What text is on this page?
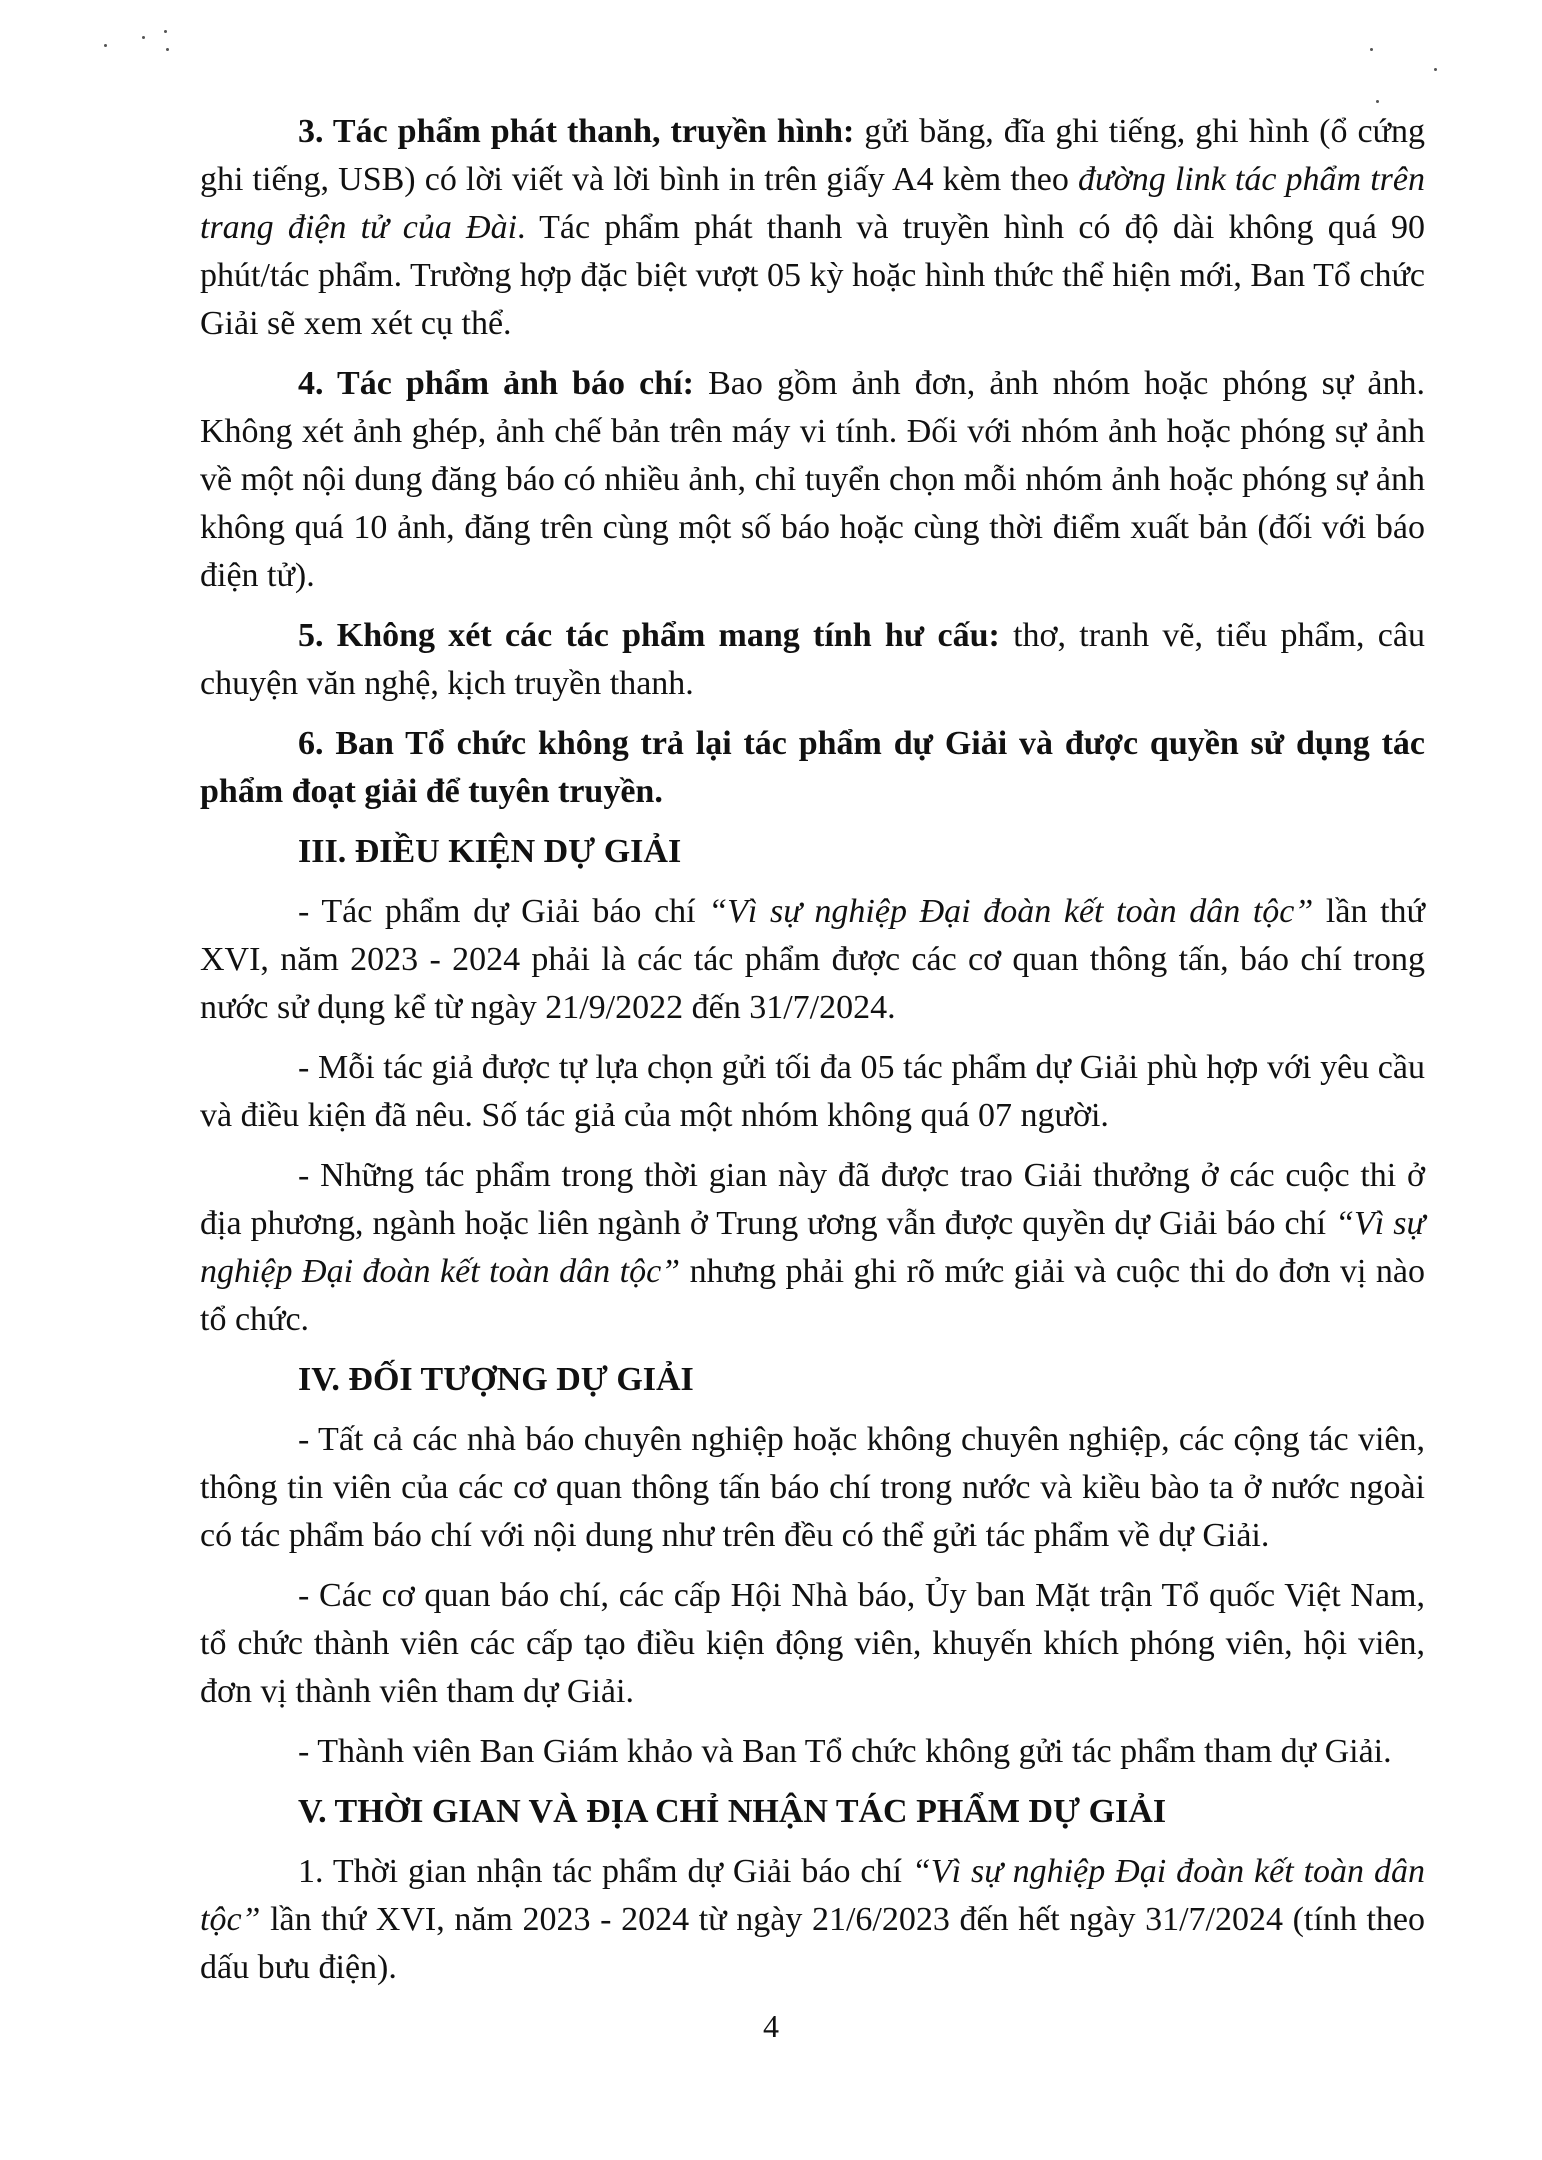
3. Tác phẩm phát thanh, truyền hình: gửi băng, đĩa ghi tiếng, ghi hình (ổ cứng ghi tiếng, USB) có lời viết và lời bình in trên giấy A4 kèm theo đường link tác phẩm trên trang điện tử của Đài. Tác phẩm phát thanh và truyền hình có độ dài không quá 90 phút/tác phẩm. Trường hợp đặc biệt vượt 05 kỳ hoặc hình thức thể hiện mới, Ban Tổ chức Giải sẽ xem xét cụ thể.

4. Tác phẩm ảnh báo chí: Bao gồm ảnh đơn, ảnh nhóm hoặc phóng sự ảnh. Không xét ảnh ghép, ảnh chế bản trên máy vi tính. Đối với nhóm ảnh hoặc phóng sự ảnh về một nội dung đăng báo có nhiều ảnh, chỉ tuyển chọn mỗi nhóm ảnh hoặc phóng sự ảnh không quá 10 ảnh, đăng trên cùng một số báo hoặc cùng thời điểm xuất bản (đối với báo điện tử).

5. Không xét các tác phẩm mang tính hư cấu: thơ, tranh vẽ, tiểu phẩm, câu chuyện văn nghệ, kịch truyền thanh.

6. Ban Tổ chức không trả lại tác phẩm dự Giải và được quyền sử dụng tác phẩm đoạt giải để tuyên truyền.

III. ĐIỀU KIỆN DỰ GIẢI

- Tác phẩm dự Giải báo chí “Vì sự nghiệp Đại đoàn kết toàn dân tộc” lần thứ XVI, năm 2023 - 2024 phải là các tác phẩm được các cơ quan thông tấn, báo chí trong nước sử dụng kể từ ngày 21/9/2022 đến 31/7/2024.

- Mỗi tác giả được tự lựa chọn gửi tối đa 05 tác phẩm dự Giải phù hợp với yêu cầu và điều kiện đã nêu. Số tác giả của một nhóm không quá 07 người.

- Những tác phẩm trong thời gian này đã được trao Giải thưởng ở các cuộc thi ở địa phương, ngành hoặc liên ngành ở Trung ương vẫn được quyền dự Giải báo chí “Vì sự nghiệp Đại đoàn kết toàn dân tộc” nhưng phải ghi rõ mức giải và cuộc thi do đơn vị nào tổ chức.

IV. ĐỐI TƯỢNG DỰ GIẢI

- Tất cả các nhà báo chuyên nghiệp hoặc không chuyên nghiệp, các cộng tác viên, thông tin viên của các cơ quan thông tấn báo chí trong nước và kiều bào ta ở nước ngoài có tác phẩm báo chí với nội dung như trên đều có thể gửi tác phẩm về dự Giải.

- Các cơ quan báo chí, các cấp Hội Nhà báo, Ủy ban Mặt trận Tổ quốc Việt Nam, tổ chức thành viên các cấp tạo điều kiện động viên, khuyến khích phóng viên, hội viên, đơn vị thành viên tham dự Giải.

- Thành viên Ban Giám khảo và Ban Tổ chức không gửi tác phẩm tham dự Giải.

V. THỜI GIAN VÀ ĐỊA CHỈ NHẬN TÁC PHẨM DỰ GIẢI

1. Thời gian nhận tác phẩm dự Giải báo chí “Vì sự nghiệp Đại đoàn kết toàn dân tộc” lần thứ XVI, năm 2023 - 2024 từ ngày 21/6/2023 đến hết ngày 31/7/2024 (tính theo dấu bưu điện).

4
